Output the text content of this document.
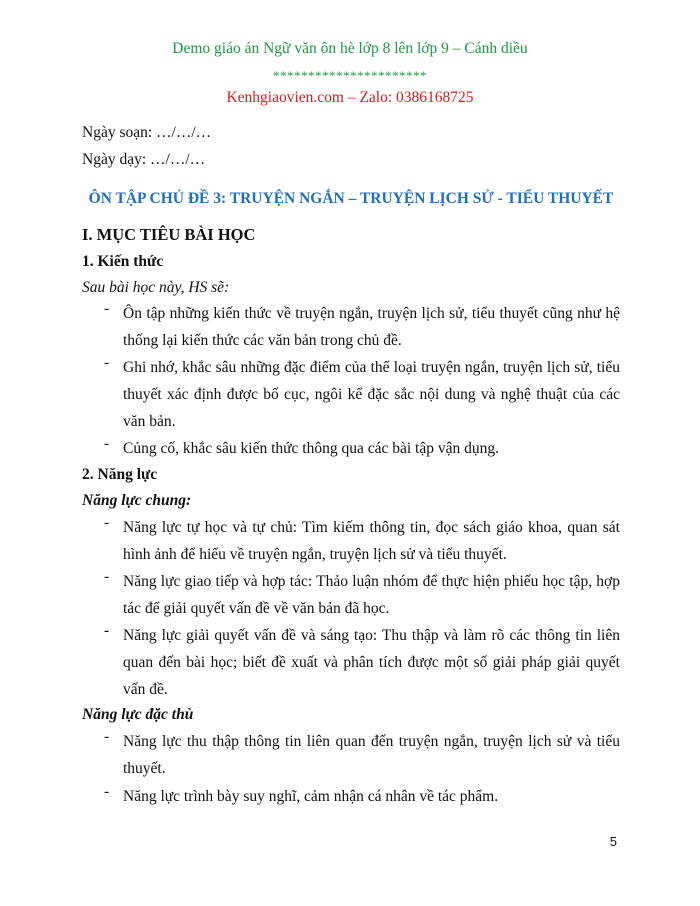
Demo giáo án Ngữ văn ôn hè lớp 8 lên lớp 9 – Cánh diều
**********************
Kenhgiaovien.com – Zalo: 0386168725
Ngày soạn: …/…/…
Ngày dạy: …/…/…
ÔN TẬP CHỦ ĐỀ 3: TRUYỆN NGẮN – TRUYỆN LỊCH SỬ - TIỂU THUYẾT
I. MỤC TIÊU BÀI HỌC
1. Kiến thức
Sau bài học này, HS sẽ:
- Ôn tập những kiến thức về truyện ngắn, truyện lịch sử, tiểu thuyết cũng như hệ thống lại kiến thức các văn bản trong chủ đề.
- Ghi nhớ, khắc sâu những đặc điểm của thể loại truyện ngắn, truyện lịch sử, tiểu thuyết xác định được bố cục, ngôi kể đặc sắc nội dung và nghệ thuật của các văn bản.
- Củng cố, khắc sâu kiến thức thông qua các bài tập vận dụng.
2. Năng lực
Năng lực chung:
- Năng lực tự học và tự chủ: Tìm kiếm thông tin, đọc sách giáo khoa, quan sát hình ảnh để hiểu về truyện ngắn, truyện lịch sử và tiểu thuyết.
- Năng lực giao tiếp và hợp tác: Thảo luận nhóm để thực hiện phiếu học tập, hợp tác để giải quyết vấn đề về văn bản đã học.
- Năng lực giải quyết vấn đề và sáng tạo: Thu thập và làm rõ các thông tin liên quan đến bài học; biết đề xuất và phân tích được một số giải pháp giải quyết vấn đề.
Năng lực đặc thù
- Năng lực thu thập thông tin liên quan đến truyện ngắn, truyện lịch sử và tiểu thuyết.
- Năng lực trình bày suy nghĩ, cảm nhận cá nhân về tác phẩm.
5
